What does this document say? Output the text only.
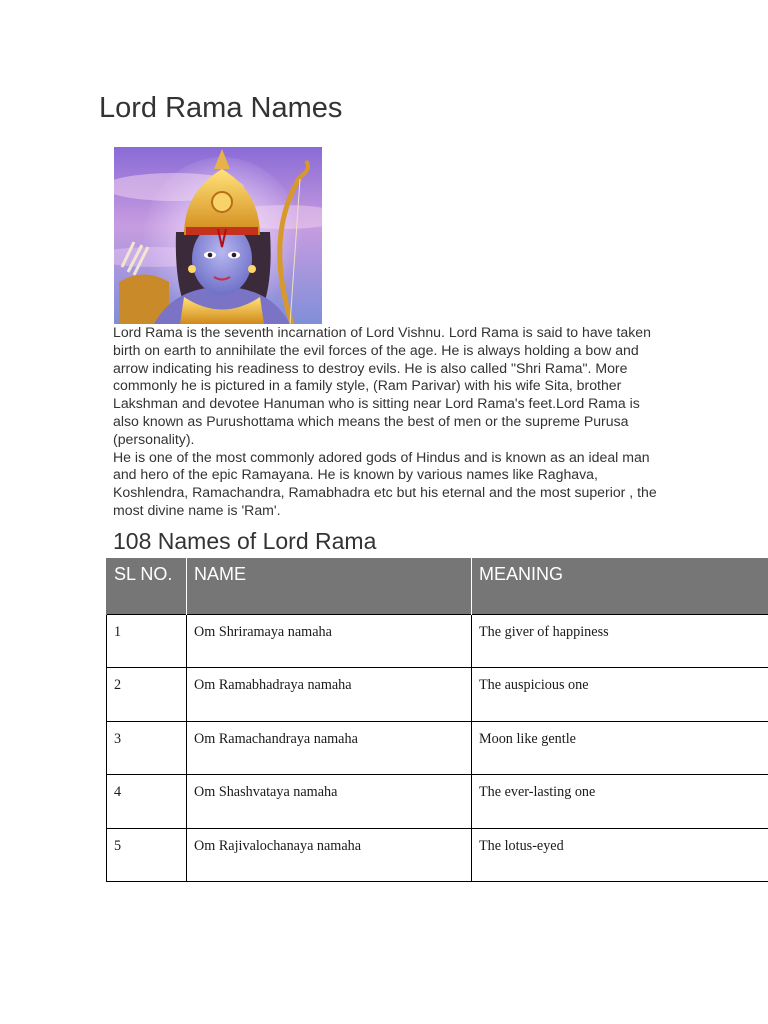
Lord Rama Names

Lord Rama is the seventh incarnation of Lord Vishnu. Lord Rama is said to have taken birth on earth to annihilate the evil forces of the age. He is always holding a bow and arrow indicating his readiness to destroy evils. He is also called "Shri Rama". More commonly he is pictured in a family style, (Ram Parivar) with his wife Sita, brother Lakshman and devotee Hanuman who is sitting near Lord Rama's feet.Lord Rama is also known as Purushottama which means the best of men or the supreme Purusa (personality).

He is one of the most commonly adored gods of Hindus and is known as an ideal man and hero of the epic Ramayana. He is known by various names like Raghava, Koshlendra, Ramachandra, Ramabhadra etc but his eternal and the most superior , the most divine name is 'Ram'.

108 Names of Lord Rama
SL NO.	NAME	MEANING
1	Om Shriramaya namaha	The giver of happiness
2	Om Ramabhadraya namaha	The auspicious one
3	Om Ramachandraya namaha	Moon like gentle
4	Om Shashvataya namaha	The ever-lasting one
5	Om Rajivalochanaya namaha	The lotus-eyed
